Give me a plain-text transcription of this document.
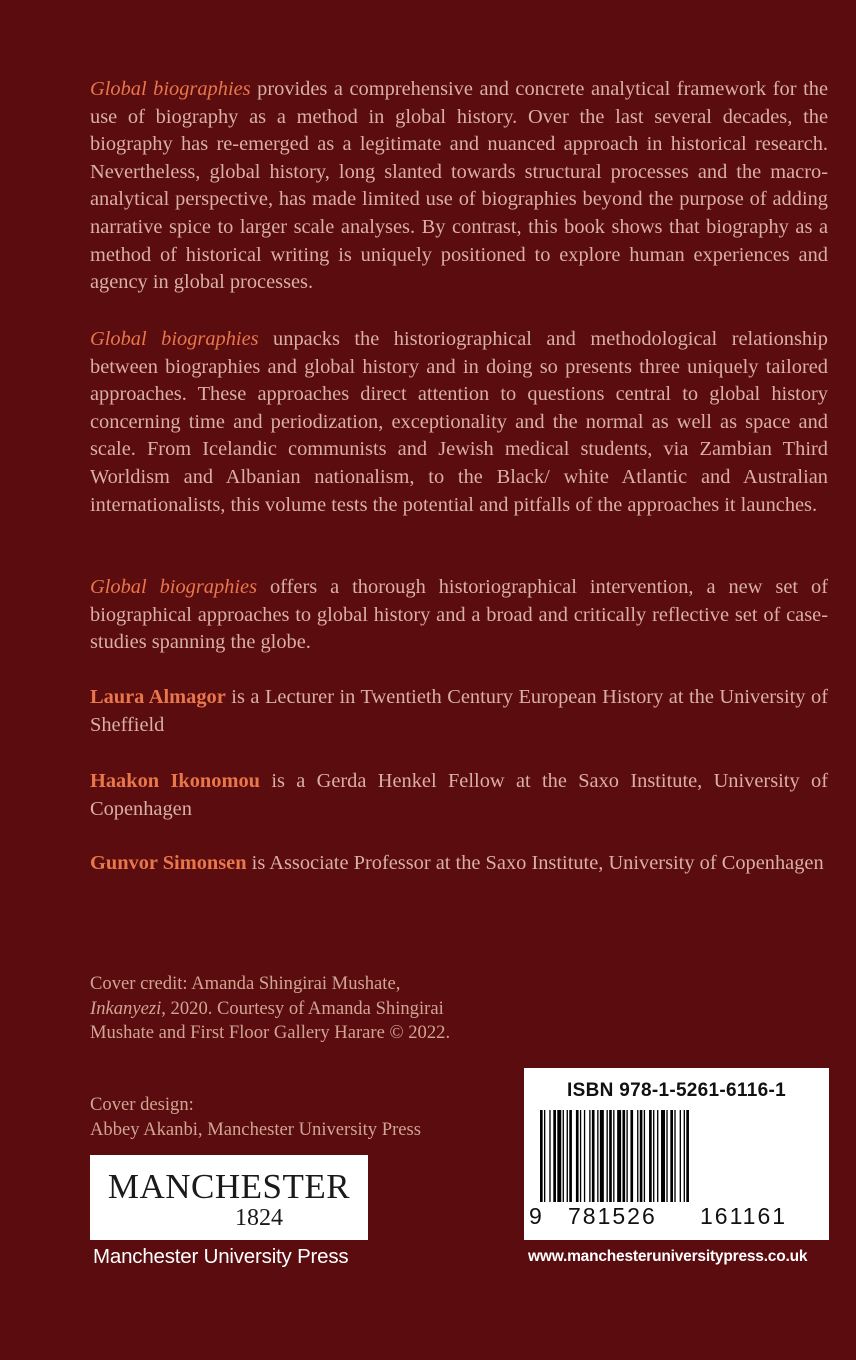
Global biographies provides a comprehensive and concrete analytical framework for the use of biography as a method in global history. Over the last several decades, the biography has re-emerged as a legitimate and nuanced approach in historical research. Nevertheless, global history, long slanted towards structural processes and the macro-analytical perspective, has made limited use of biographies beyond the purpose of adding narrative spice to larger scale analyses. By contrast, this book shows that biography as a method of historical writing is uniquely positioned to explore human experiences and agency in global processes.
Global biographies unpacks the historiographical and methodological relationship between biographies and global history and in doing so presents three uniquely tailored approaches. These approaches direct attention to questions central to global history concerning time and periodization, exceptionality and the normal as well as space and scale. From Icelandic communists and Jewish medical students, via Zambian Third Worldism and Albanian nationalism, to the Black/ white Atlantic and Australian internationalists, this volume tests the potential and pitfalls of the approaches it launches.
Global biographies offers a thorough historiographical intervention, a new set of biographical approaches to global history and a broad and critically reflective set of case-studies spanning the globe.
Laura Almagor is a Lecturer in Twentieth Century European History at the University of Sheffield
Haakon Ikonomou is a Gerda Henkel Fellow at the Saxo Institute, University of Copenhagen
Gunvor Simonsen is Associate Professor at the Saxo Institute, University of Copenhagen
Cover credit: Amanda Shingirai Mushate, Inkanyezi, 2020. Courtesy of Amanda Shingirai Mushate and First Floor Gallery Harare © 2022.
Cover design:
Abbey Akanbi, Manchester University Press
MANCHESTER
1824
Manchester University Press
ISBN 978-1-5261-6116-1
9 781526 161161
www.manchesteruniversitypress.co.uk
